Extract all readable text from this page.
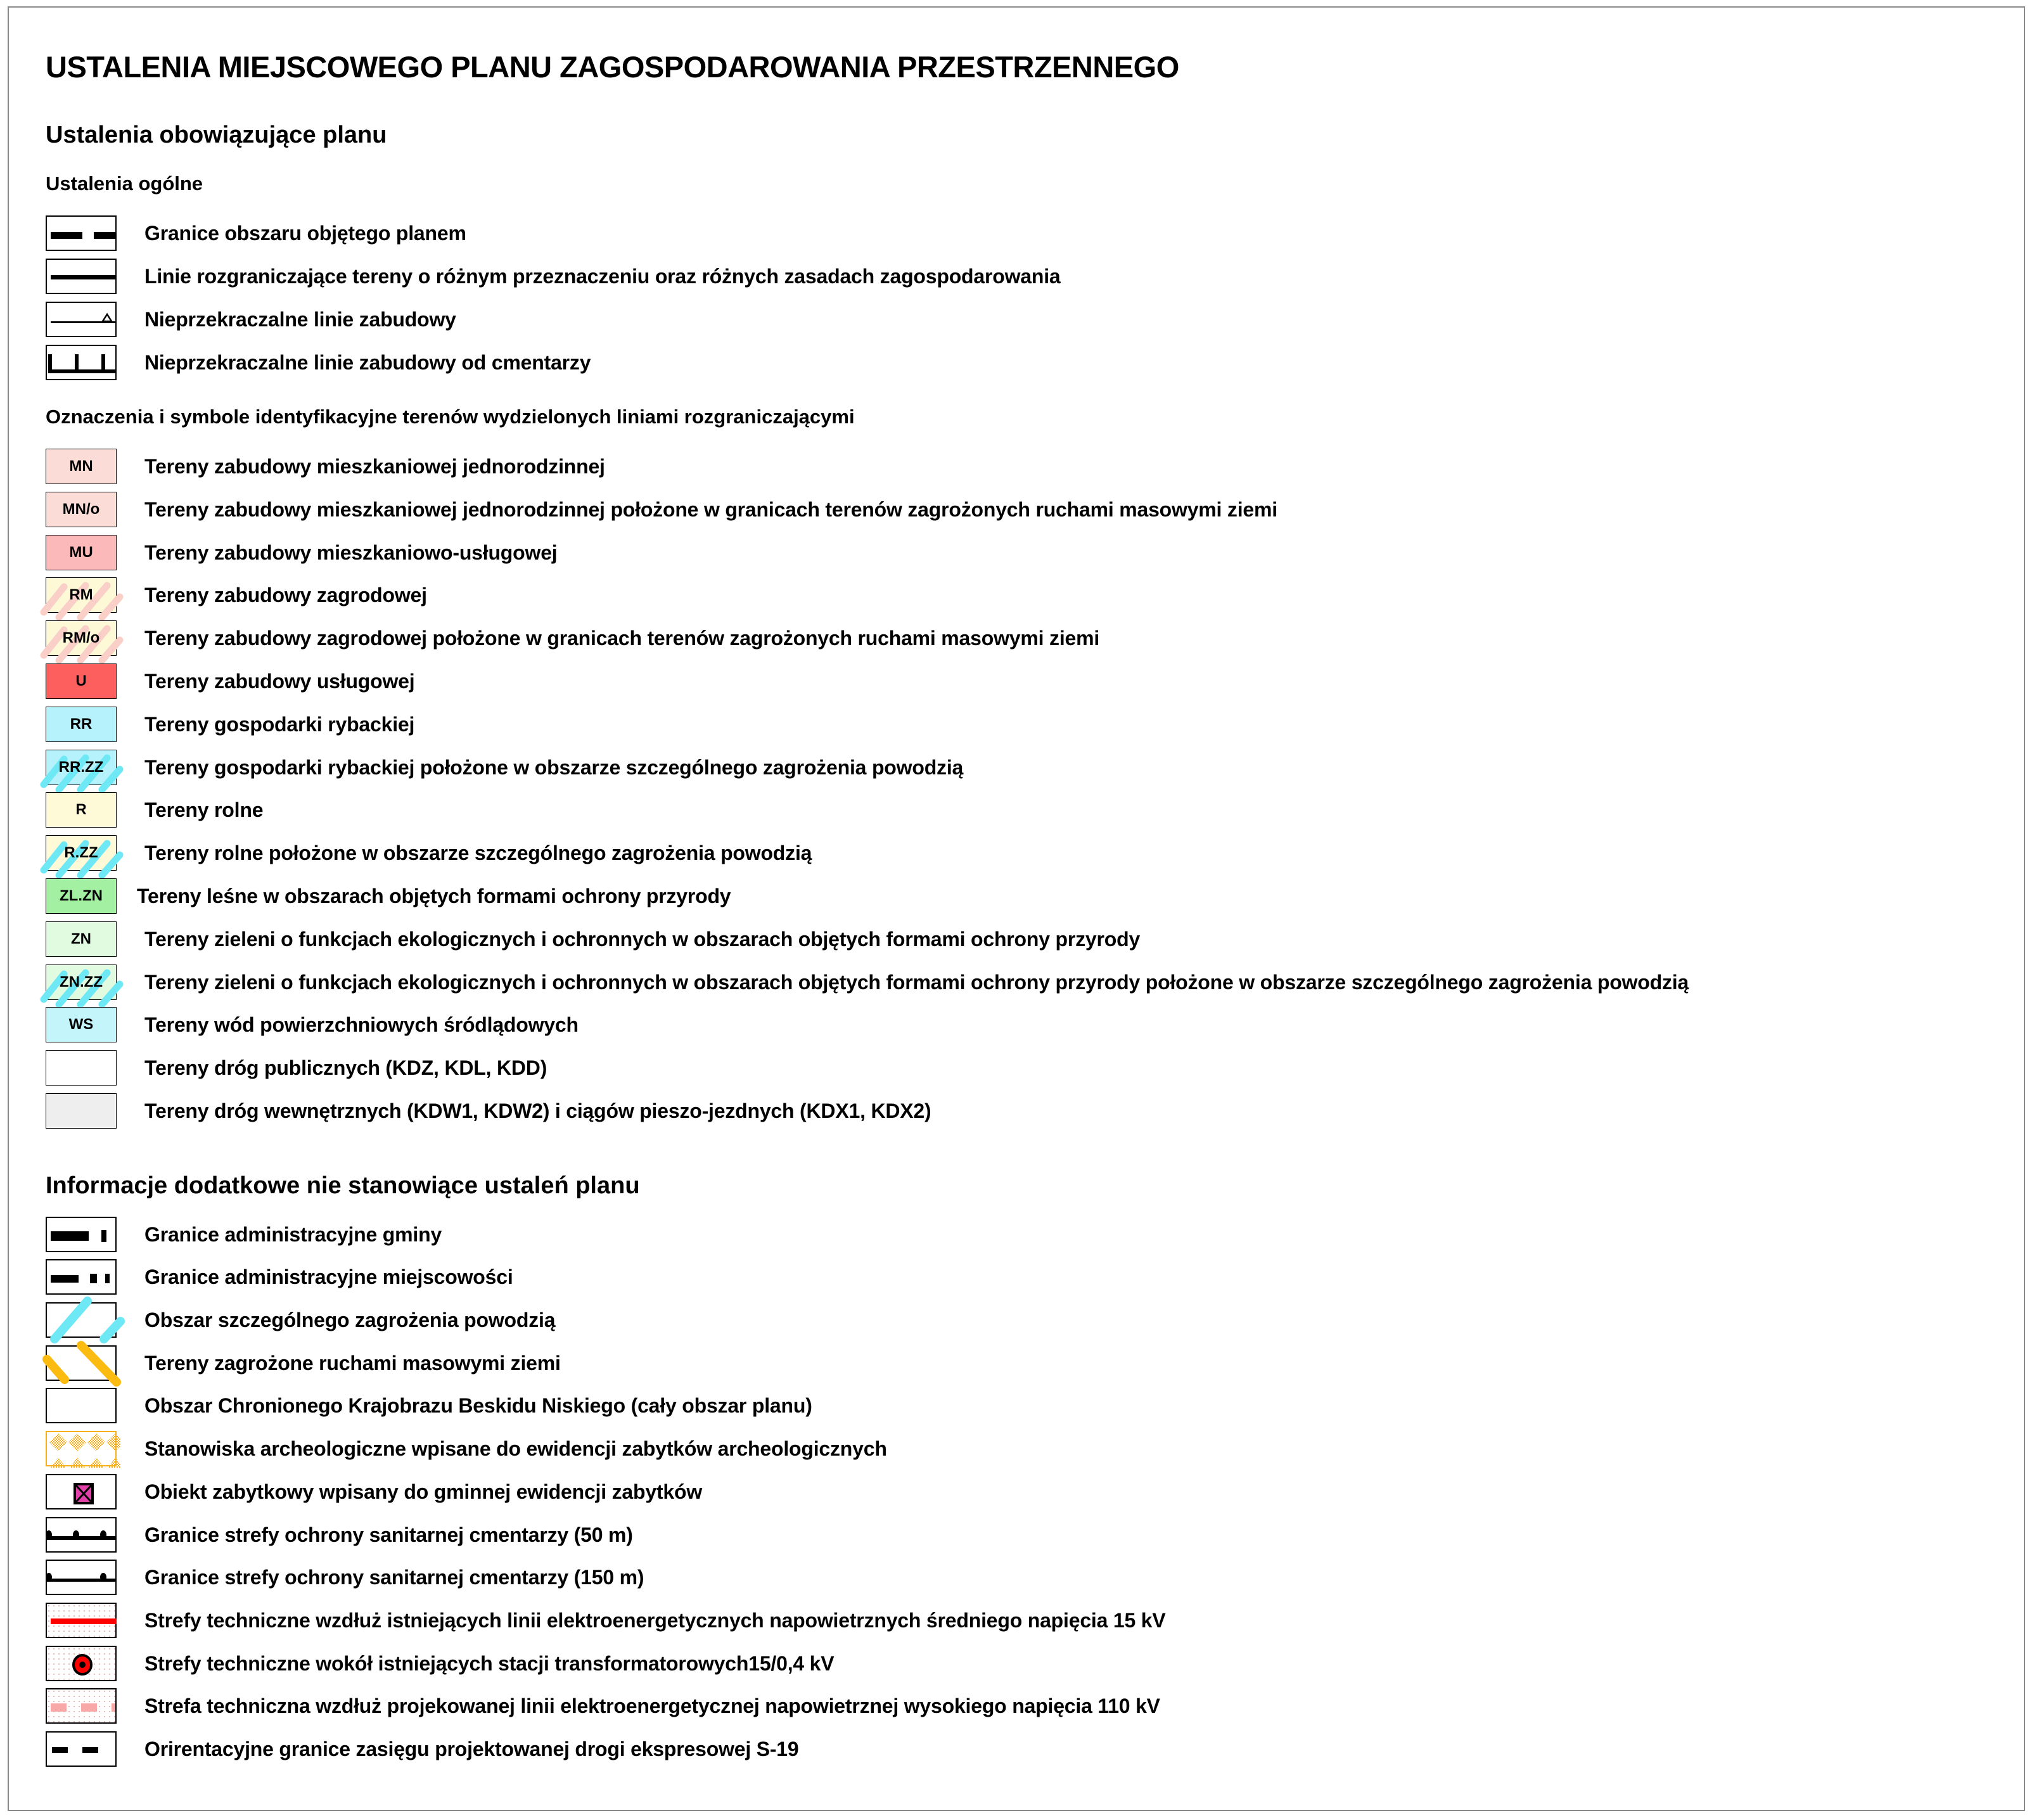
USTALENIA MIEJSCOWEGO PLANU ZAGOSPODAROWANIA PRZESTRZENNEGO
Ustalenia obowiązujące planu
Ustalenia ogólne
Granice obszaru objętego planem
Linie rozgraniczające tereny o różnym przeznaczeniu oraz różnych zasadach zagospodarowania
Nieprzekraczalne linie zabudowy
Nieprzekraczalne linie zabudowy od cmentarzy
Oznaczenia i symbole identyfikacyjne terenów wydzielonych liniami rozgraniczającymi
MN	Tereny zabudowy mieszkaniowej jednorodzinnej
MN/o Tereny zabudowy mieszkaniowej jednorodzinnej położone w granicach terenów zagrożonych ruchami masowymi ziemi
MU	Tereny zabudowy mieszkaniowo-usługowej
RM	Tereny zabudowy zagrodowej
RM/o Tereny zabudowy zagrodowej położone w granicach terenów zagrożonych ruchami masowymi ziemi
U	Tereny zabudowy usługowej
RR	Tereny gospodarki rybackiej
RR.ZZ Tereny gospodarki rybackiej położone w obszarze szczególnego zagrożenia powodzią
R	Tereny rolne
R.ZZ Tereny rolne położone w obszarze szczególnego zagrożenia powodzią
ZL.ZN Tereny leśne w obszarach objętych formami ochrony przyrody
ZN	Tereny zieleni o funkcjach ekologicznych i ochronnych w obszarach objętych formami ochrony przyrody
ZN.ZZ Tereny zieleni o funkcjach ekologicznych i ochronnych w obszarach objętych formami ochrony przyrody położone w obszarze szczególnego zagrożenia powodzią
WS	Tereny wód powierzchniowych śródlądowych
Tereny dróg publicznych (KDZ, KDL, KDD)
Tereny dróg wewnętrznych (KDW1, KDW2) i ciągów pieszo-jezdnych (KDX1, KDX2)
Informacje dodatkowe nie stanowiące ustaleń planu
Granice administracyjne gminy
Granice administracyjne miejscowości
Obszar szczególnego zagrożenia powodzią
Tereny zagrożone ruchami masowymi ziemi
Obszar Chronionego Krajobrazu Beskidu Niskiego (cały obszar planu)
Stanowiska archeologiczne wpisane do ewidencji zabytków archeologicznych
Obiekt zabytkowy wpisany do gminnej ewidencji zabytków
Granice strefy ochrony sanitarnej cmentarzy (50 m)
Granice strefy ochrony sanitarnej cmentarzy (150 m)
Strefy techniczne wzdłuż istniejących linii elektroenergetycznych napowietrznych średniego napięcia 15 kV
Strefy techniczne wokół istniejących stacji transformatorowych15/0,4 kV
Strefa techniczna wzdłuż projekowanej linii elektroenergetycznej napowietrznej wysokiego napięcia 110 kV
Orirentacyjne granice zasięgu projektowanej drogi ekspresowej S-19
